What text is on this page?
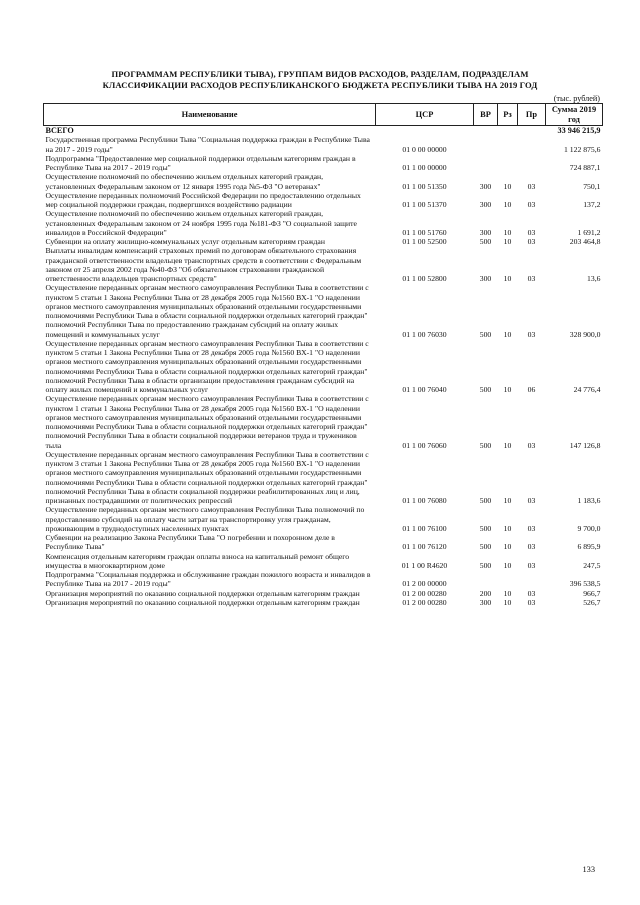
ПРОГРАММАМ РЕСПУБЛИКИ ТЫВА), ГРУППАМ ВИДОВ РАСХОДОВ, РАЗДЕЛАМ, ПОДРАЗДЕЛАМ
КЛАССИФИКАЦИИ РАСХОДОВ РЕСПУБЛИКАНСКОГО БЮДЖЕТА РЕСПУБЛИКИ ТЫВА НА 2019 ГОД
(тыс. рублей)
Наименование	ЦСР	ВР	Рз	Пр	Сумма 2019 год
ВСЕГО					33 946 215,9
Государственная программа Республики Тыва "Социальная поддержка граждан в Республике Тыва на 2017 - 2019 годы"	01 0 00 00000				1 122 875,6
Подпрограмма "Предоставление мер социальной поддержки отдельным категориям граждан в Республике Тыва на 2017 - 2019 годы"	01 1 00 00000				724 887,1
Осуществление полномочий по обеспечению жильем отдельных категорий граждан, установленных Федеральным законом от 12 января 1995 года №5-ФЗ "О ветеранах"	01 1 00 51350	300	10	03	750,1
Осуществление переданных полномочий Российской Федерации по предоставлению отдельных мер социальной поддержки граждан, подвергшихся воздействию радиации	01 1 00 51370	300	10	03	137,2
Осуществление полномочий по обеспечению жильем отдельных категорий граждан, установленных Федеральным законом от 24 ноября 1995 года №181-ФЗ "О социальной защите инвалидов в Российской Федерации"	01 1 00 51760	300	10	03	1 691,2
Субвенции на оплату жилищно-коммунальных услуг отдельным категориям граждан	01 1 00 52500	500	10	03	203 464,8
Выплаты инвалидам компенсаций страховых премий по договорам обязательного страхования гражданской ответственности владельцев транспортных средств в соответствии с Федеральным законом от 25 апреля 2002 года №40-ФЗ "Об обязательном страховании гражданской ответственности владельцев транспортных средств"	01 1 00 52800	300	10	03	13,6
Осуществление переданных органам местного самоуправления Республики Тыва в соответствии с пунктом 5 статьи 1 Закона Республики Тыва от 28 декабря 2005 года №1560 ВХ-1 "О наделении органов местного самоуправления муниципальных образований отдельными государственными полномочиями Республики Тыва в области социальной поддержки отдельных категорий граждан" полномочий Республики Тыва по предоставлению гражданам субсидий на оплату жилых помещений и коммунальных услуг	01 1 00 76030	500	10	03	328 900,0
Осуществление переданных органам местного самоуправления Республики Тыва в соответствии с пунктом 5 статьи 1 Закона Республики Тыва от 28 декабря 2005 года №1560 ВХ-1 "О наделении органов местного самоуправления муниципальных образований отдельными государственными полномочиями Республики Тыва в области социальной поддержки отдельных категорий граждан" полномочий Республики Тыва в области организации предоставления гражданам субсидий на оплату жилых помещений и коммунальных услуг	01 1 00 76040	500	10	06	24 776,4
Осуществление переданных органам местного самоуправления Республики Тыва в соответствии с пунктом 1 статьи 1 Закона Республики Тыва от 28 декабря 2005 года №1560 ВХ-1 "О наделении органов местного самоуправления муниципальных образований отдельными государственными полномочиями Республики Тыва в области социальной поддержки отдельных категорий граждан" полномочий Республики Тыва в области социальной поддержки ветеранов труда и тружеников тыла	01 1 00 76060	500	10	03	147 126,8
Осуществление переданных органам местного самоуправления Республики Тыва в соответствии с пунктом 3 статьи 1 Закона Республики Тыва от 28 декабря 2005 года №1560 ВХ-1 "О наделении органов местного самоуправления муниципальных образований отдельными государственными полномочиями Республики Тыва в области социальной поддержки отдельных категорий граждан" полномочий Республики Тыва в области социальной поддержки реабилитированных лиц и лиц, признанных пострадавшими от политических репрессий	01 1 00 76080	500	10	03	1 183,6
Осуществление переданных органам местного самоуправления Республики Тыва полномочий по предоставлению субсидий на оплату части затрат на транспортировку угля гражданам, проживающим в труднодоступных населенных пунктах	01 1 00 76100	500	10	03	9 700,0
Субвенции на реализацию Закона Республики Тыва "О погребении и похоронном деле в Республике Тыва"	01 1 00 76120	500	10	03	6 895,9
Компенсация отдельным категориям граждан оплаты взноса на капитальный ремонт общего имущества в многоквартирном доме	01 1 00 R4620	500	10	03	247,5
Подпрограмма "Социальная поддержка и обслуживание граждан пожилого возраста и инвалидов в Республике Тыва на 2017 - 2019 годы"	01 2 00 00000				396 538,5
Организация мероприятий по оказанию социальной поддержки отдельным категориям граждан	01 2 00 00280	200	10	03	966,7
Организация мероприятий по оказанию социальной поддержки отдельным категориям граждан	01 2 00 00280	300	10	03	526,7
133
